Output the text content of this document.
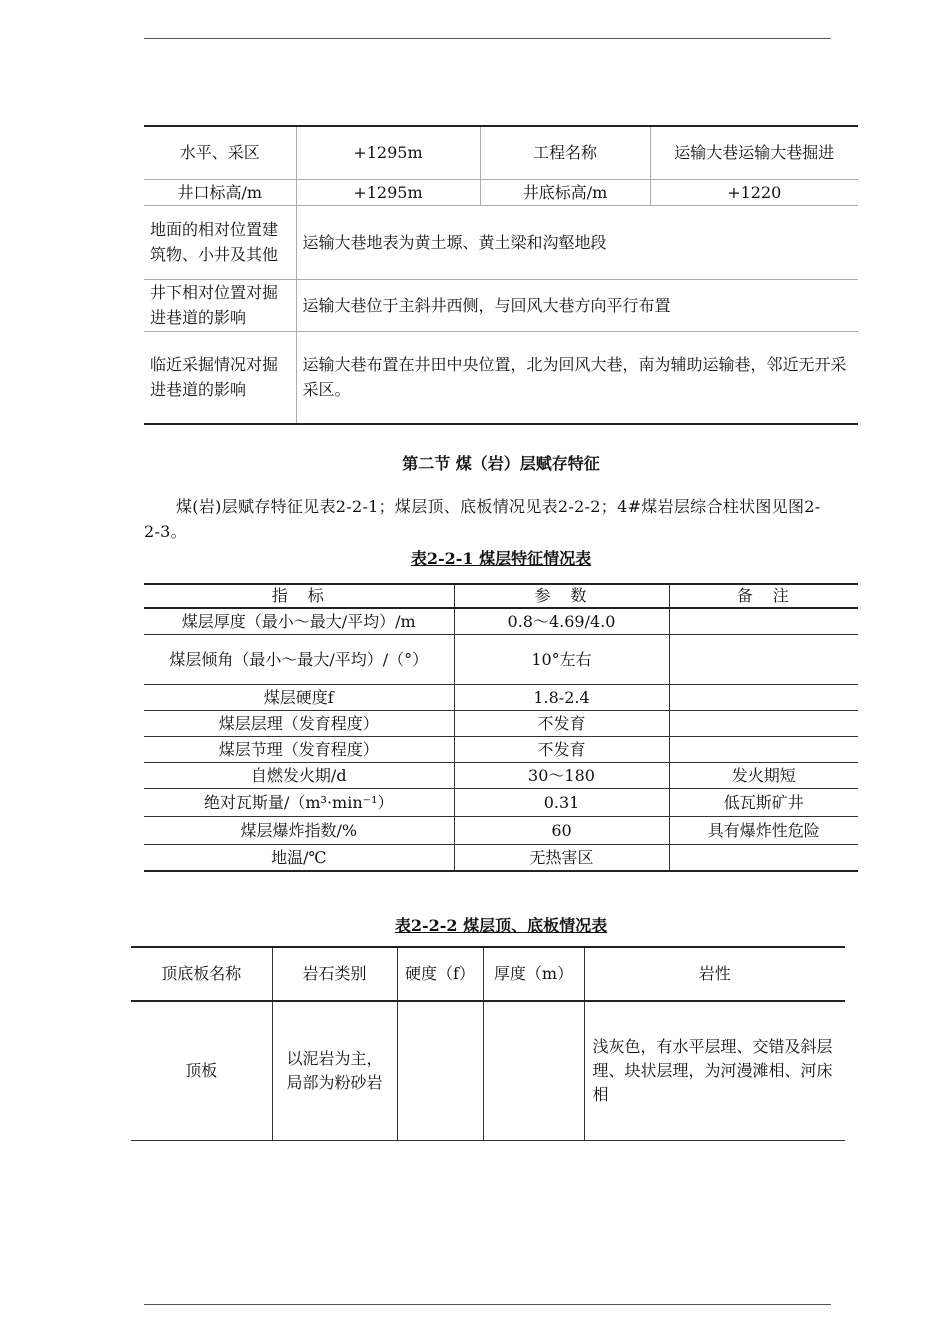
水平、采区	+1295m	工程名称	运输大巷运输大巷掘进
井口标高/m	+1295m	井底标高/m	+1220
地面的相对位置建筑物、小井及其他	运输大巷地表为黄土塬、黄土梁和沟壑地段		
井下相对位置对掘进巷道的影响	运输大巷位于主斜井西侧，与回风大巷方向平行布置		
临近采掘情况对掘进巷道的影响	运输大巷布置在井田中央位置，北为回风大巷，南为辅助运输巷，邻近无开采采区。		
第二节 煤（岩）层赋存特征
煤(岩)层赋存特征见表2-2-1；煤层顶、底板情况见表2-2-2；4#煤岩层综合柱状图见图2-2-3。
表2-2-1 煤层特征情况表
指　标	参　数	备　注
煤层厚度（最小～最大/平均）/m	0.8～4.69/4.0	
煤层倾角（最小～最大/平均）/（°）	10°左右	
煤层硬度f	1.8-2.4	
煤层层理（发育程度）	不发育	
煤层节理（发育程度）	不发育	
自燃发火期/d	30～180	发火期短
绝对瓦斯量/（m³·min⁻¹）	0.31	低瓦斯矿井
煤层爆炸指数/%	60	具有爆炸性危险
地温/℃	无热害区	
表2-2-2 煤层顶、底板情况表
顶底板名称	岩石类别	硬度（f）	厚度（m）	岩性
顶板	以泥岩为主，局部为粉砂岩			浅灰色，有水平层理、交错及斜层理、块状层理，为河漫滩相、河床相
